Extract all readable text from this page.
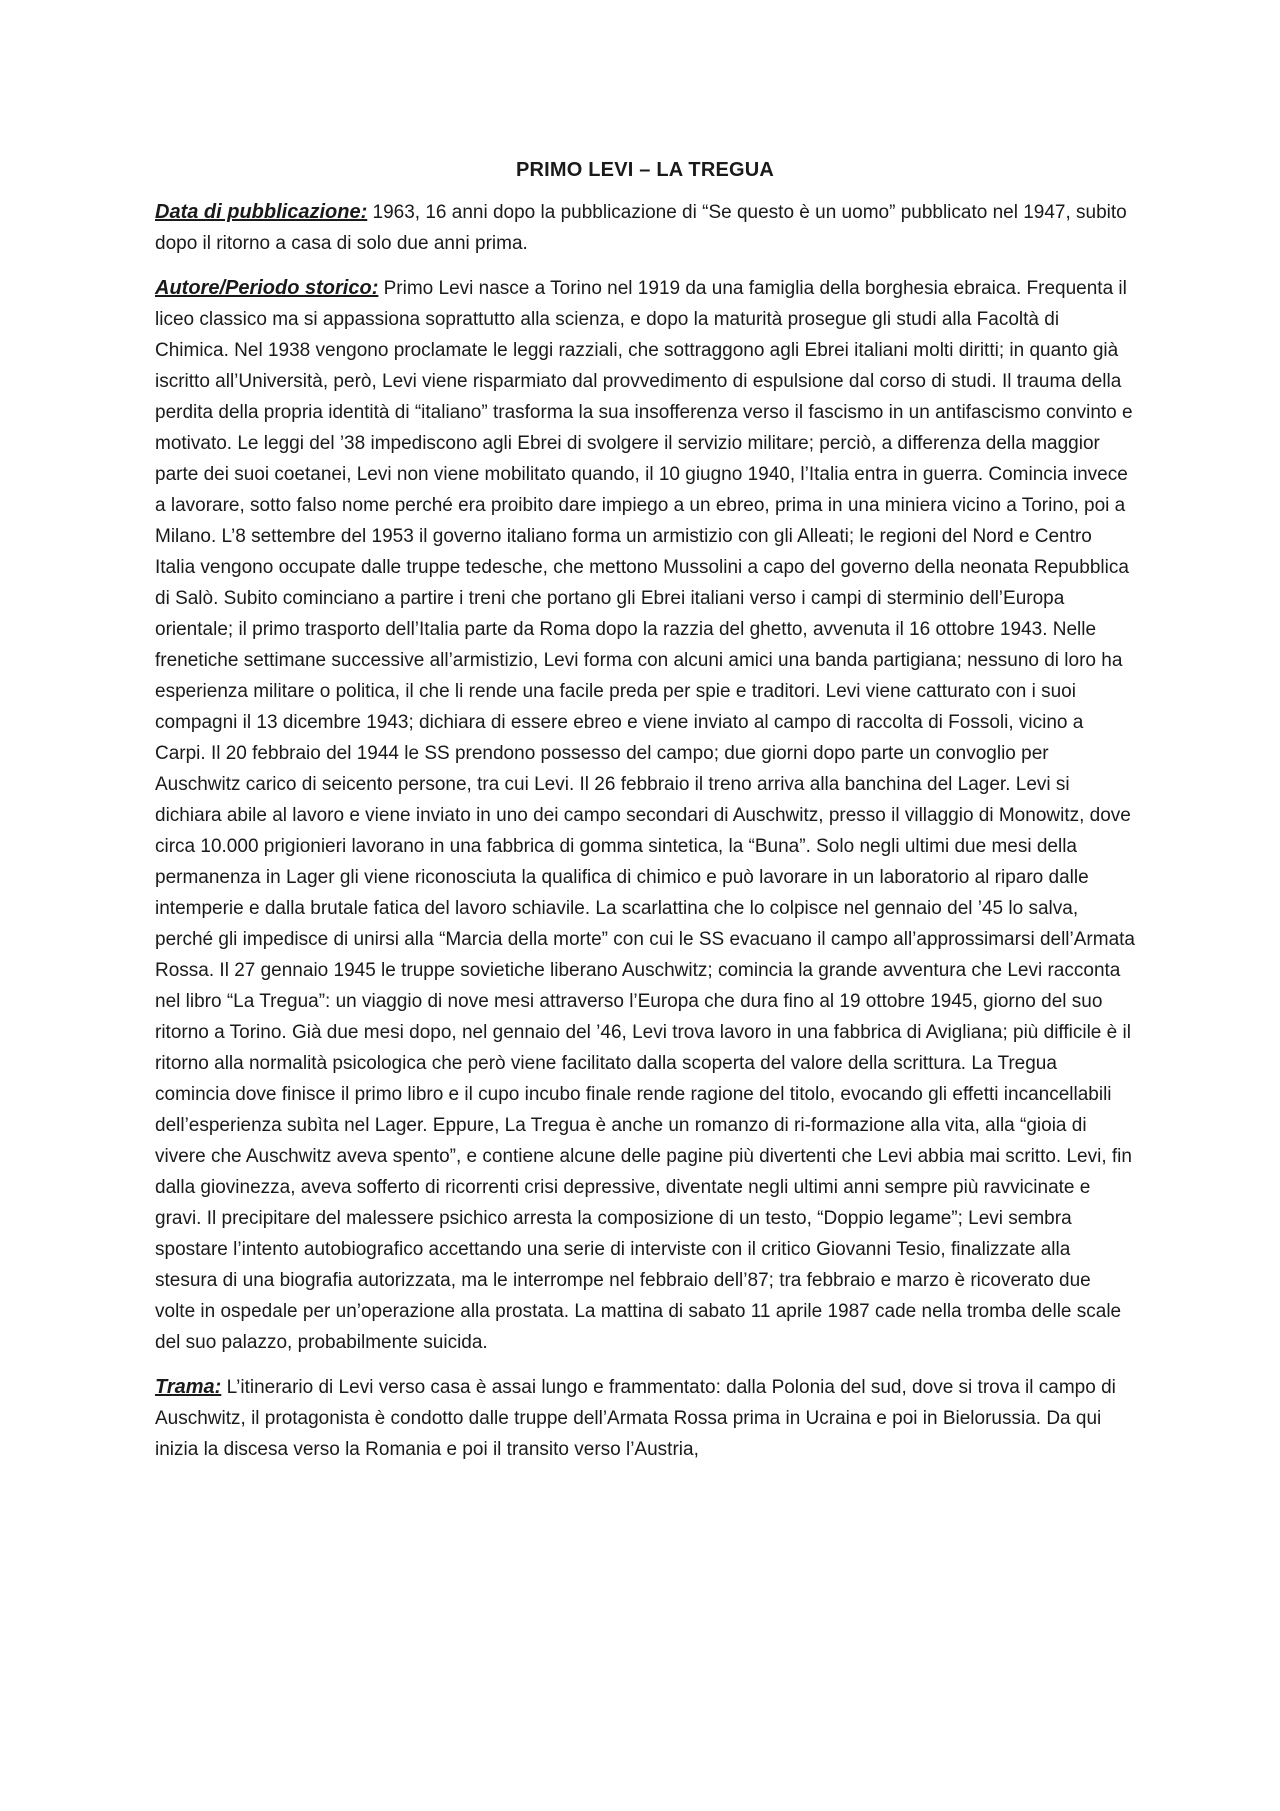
PRIMO LEVI – LA TREGUA

Data di pubblicazione: 1963, 16 anni dopo la pubblicazione di “Se questo è un uomo” pubblicato nel 1947, subito dopo il ritorno a casa di solo due anni prima.

Autore/Periodo storico: Primo Levi nasce a Torino nel 1919 da una famiglia della borghesia ebraica. Frequenta il liceo classico ma si appassiona soprattutto alla scienza, e dopo la maturità prosegue gli studi alla Facoltà di Chimica. Nel 1938 vengono proclamate le leggi razziali, che sottraggono agli Ebrei italiani molti diritti; in quanto già iscritto all’Università, però, Levi viene risparmiato dal provvedimento di espulsione dal corso di studi. Il trauma della perdita della propria identità di “italiano” trasforma la sua insofferenza verso il fascismo in un antifascismo convinto e motivato. Le leggi del ’38 impediscono agli Ebrei di svolgere il servizio militare; perciò, a differenza della maggior parte dei suoi coetanei, Levi non viene mobilitato quando, il 10 giugno 1940, l’Italia entra in guerra. Comincia invece a lavorare, sotto falso nome perché era proibito dare impiego a un ebreo, prima in una miniera vicino a Torino, poi a Milano. L’8 settembre del 1953 il governo italiano forma un armistizio con gli Alleati; le regioni del Nord e Centro Italia vengono occupate dalle truppe tedesche, che mettono Mussolini a capo del governo della neonata Repubblica di Salò. Subito cominciano a partire i treni che portano gli Ebrei italiani verso i campi di sterminio dell’Europa orientale; il primo trasporto dell’Italia parte da Roma dopo la razzia del ghetto, avvenuta il 16 ottobre 1943. Nelle frenetiche settimane successive all’armistizio, Levi forma con alcuni amici una banda partigiana; nessuno di loro ha esperienza militare o politica, il che li rende una facile preda per spie e traditori. Levi viene catturato con i suoi compagni il 13 dicembre 1943; dichiara di essere ebreo e viene inviato al campo di raccolta di Fossoli, vicino a Carpi. Il 20 febbraio del 1944 le SS prendono possesso del campo; due giorni dopo parte un convoglio per Auschwitz carico di seicento persone, tra cui Levi. Il 26 febbraio il treno arriva alla banchina del Lager. Levi si dichiara abile al lavoro e viene inviato in uno dei campo secondari di Auschwitz, presso il villaggio di Monowitz, dove circa 10.000 prigionieri lavorano in una fabbrica di gomma sintetica, la “Buna”. Solo negli ultimi due mesi della permanenza in Lager gli viene riconosciuta la qualifica di chimico e può lavorare in un laboratorio al riparo dalle intemperie e dalla brutale fatica del lavoro schiavile. La scarlattina che lo colpisce nel gennaio del ’45 lo salva, perché gli impedisce di unirsi alla “Marcia della morte” con cui le SS evacuano il campo all’approssimarsi dell’Armata Rossa. Il 27 gennaio 1945 le truppe sovietiche liberano Auschwitz; comincia la grande avventura che Levi racconta nel libro “La Tregua”: un viaggio di nove mesi attraverso l’Europa che dura fino al 19 ottobre 1945, giorno del suo ritorno a Torino. Già due mesi dopo, nel gennaio del ’46, Levi trova lavoro in una fabbrica di Avigliana; più difficile è il ritorno alla normalità psicologica che però viene facilitato dalla scoperta del valore della scrittura. La Tregua comincia dove finisce il primo libro e il cupo incubo finale rende ragione del titolo, evocando gli effetti incancellabili dell’esperienza subìta nel Lager. Eppure, La Tregua è anche un romanzo di ri-formazione alla vita, alla “gioia di vivere che Auschwitz aveva spento”, e contiene alcune delle pagine più divertenti che Levi abbia mai scritto. Levi, fin dalla giovinezza, aveva sofferto di ricorrenti crisi depressive, diventate negli ultimi anni sempre più ravvicinate e gravi. Il precipitare del malessere psichico arresta la composizione di un testo, “Doppio legame”; Levi sembra spostare l’intento autobiografico accettando una serie di interviste con il critico Giovanni Tesio, finalizzate alla stesura di una biografia autorizzata, ma le interrompe nel febbraio dell’87; tra febbraio e marzo è ricoverato due volte in ospedale per un’operazione alla prostata. La mattina di sabato 11 aprile 1987 cade nella tromba delle scale del suo palazzo, probabilmente suicida.

Trama: L’itinerario di Levi verso casa è assai lungo e frammentato: dalla Polonia del sud, dove si trova il campo di Auschwitz, il protagonista è condotto dalle truppe dell’Armata Rossa prima in Ucraina e poi in Bielorussia. Da qui inizia la discesa verso la Romania e poi il transito verso l’Austria,
